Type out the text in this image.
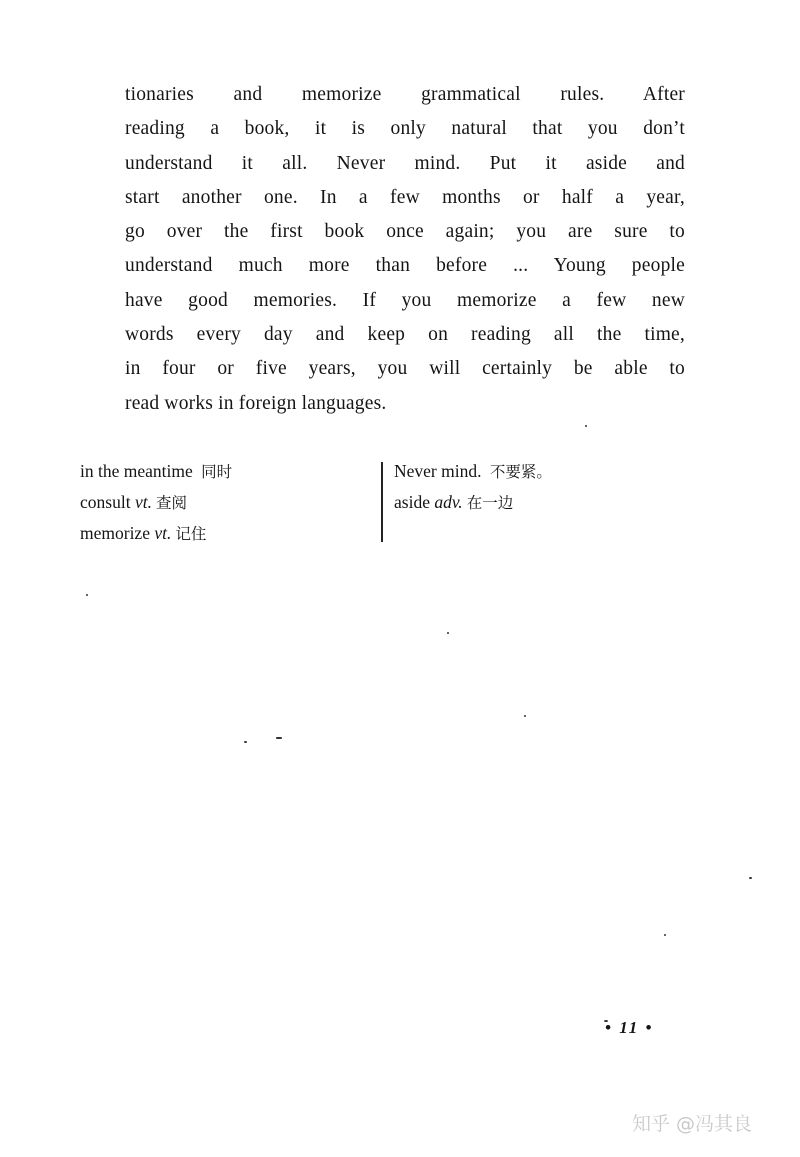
tionaries and memorize grammatical rules. After
reading a book, it is only natural that you don’t
understand it all. Never mind. Put it aside and
start another one. In a few months or half a year,
go over the first book once again; you are sure to
understand much more than before ... Young people
have good memories. If you memorize a few new
words every day and keep on reading all the time,
in four or five years, you will certainly be able to
read works in foreign languages.
in the meantime 同时
consult vt. 查阅
memorize vt. 记住
Never mind. 不要紧。
aside adv. 在一边
• 11 •
知乎 @冯其良
